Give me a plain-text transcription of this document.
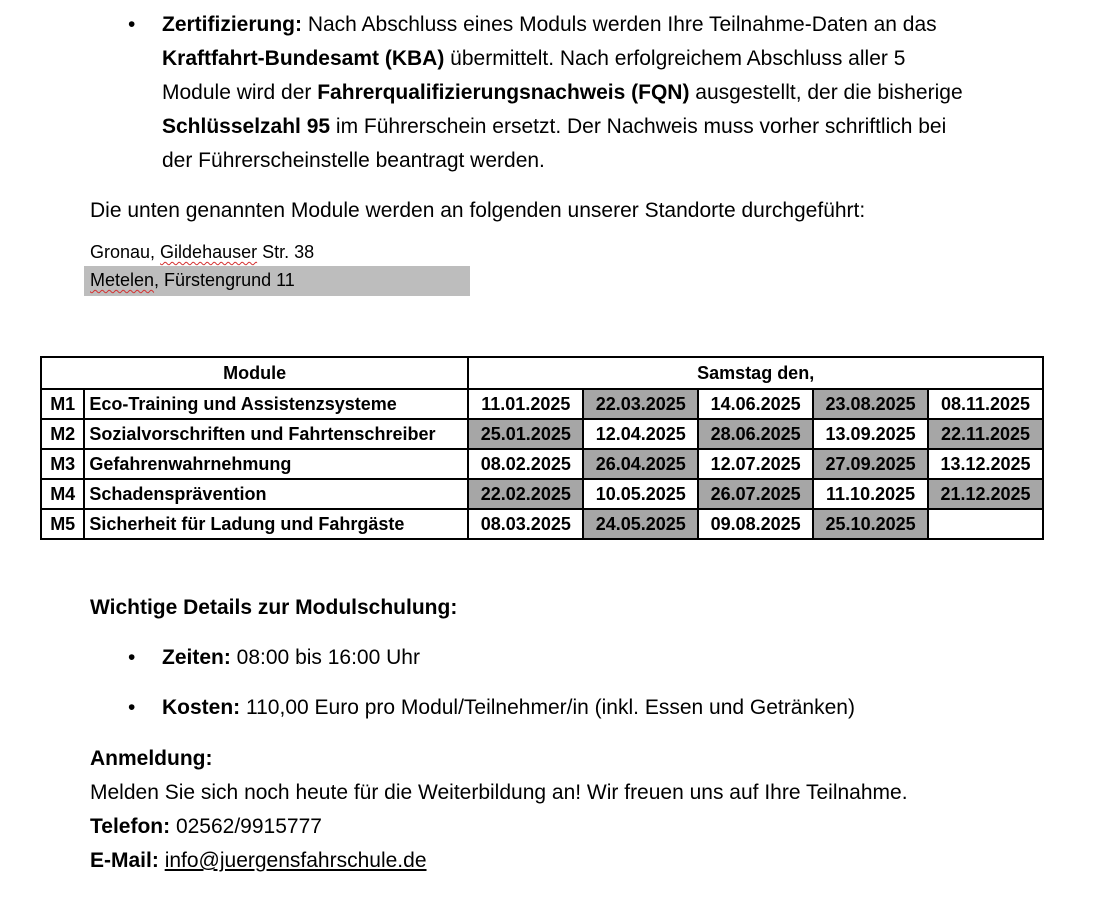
• Zertifizierung: Nach Abschluss eines Moduls werden Ihre Teilnahme-Daten an das Kraftfahrt-Bundesamt (KBA) übermittelt. Nach erfolgreichem Abschluss aller 5 Module wird der Fahrerqualifizierungsnachweis (FQN) ausgestellt, der die bisherige Schlüsselzahl 95 im Führerschein ersetzt. Der Nachweis muss vorher schriftlich bei der Führerscheinstelle beantragt werden.
Die unten genannten Module werden an folgenden unserer Standorte durchgeführt:
Gronau, Gildehauser Str. 38
Metelen, Fürstengrund 11
Module		Samstag den,				
M1	Eco-Training und Assistenzsysteme	11.01.2025	22.03.2025	14.06.2025	23.08.2025	08.11.2025
M2	Sozialvorschriften und Fahrtenschreiber	25.01.2025	12.04.2025	28.06.2025	13.09.2025	22.11.2025
M3	Gefahrenwahrnehmung	08.02.2025	26.04.2025	12.07.2025	27.09.2025	13.12.2025
M4	Schadensprävention	22.02.2025	10.05.2025	26.07.2025	11.10.2025	21.12.2025
M5	Sicherheit für Ladung und Fahrgäste	08.03.2025	24.05.2025	09.08.2025	25.10.2025	
Wichtige Details zur Modulschulung:
• Zeiten: 08:00 bis 16:00 Uhr
• Kosten: 110,00 Euro pro Modul/Teilnehmer/in (inkl. Essen und Getränken)
Anmeldung:
Melden Sie sich noch heute für die Weiterbildung an! Wir freuen uns auf Ihre Teilnahme.
Telefon: 02562/9915777
E-Mail: info@juergensfahrschule.de
